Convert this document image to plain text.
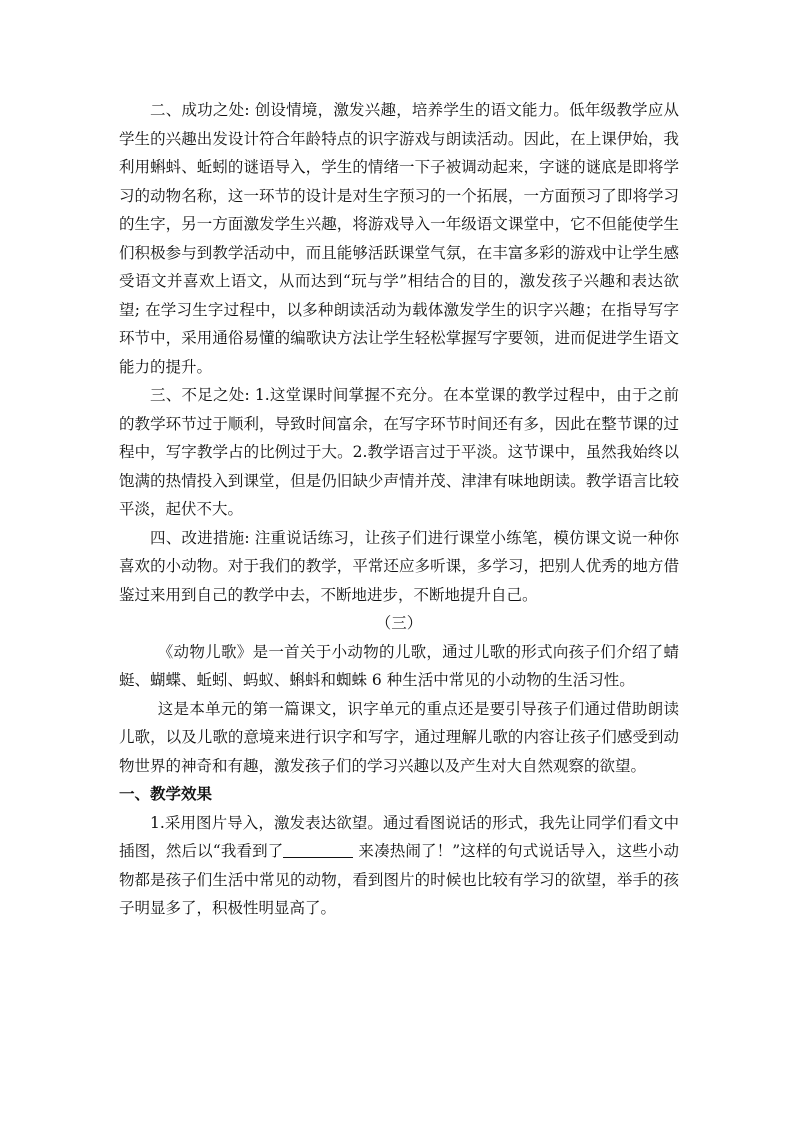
二、成功之处: 创设情境，激发兴趣，培养学生的语文能力。低年级教学应从学生的兴趣出发设计符合年龄特点的识字游戏与朗读活动。因此，在上课伊始，我利用蝌蚪、蚯蚓的谜语导入，学生的情绪一下子被调动起来，字谜的谜底是即将学习的动物名称，这一环节的设计是对生字预习的一个拓展，一方面预习了即将学习的生字，另一方面激发学生兴趣，将游戏导入一年级语文课堂中，它不但能使学生们积极参与到教学活动中，而且能够活跃课堂气氛，在丰富多彩的游戏中让学生感受语文并喜欢上语文，从而达到“玩与学”相结合的目的，激发孩子兴趣和表达欲望; 在学习生字过程中，以多种朗读活动为载体激发学生的识字兴趣；在指导写字环节中，采用通俗易懂的编歌诀方法让学生轻松掌握写字要领，进而促进学生语文能力的提升。

三、不足之处: 1.这堂课时间掌握不充分。在本堂课的教学过程中，由于之前的教学环节过于顺利，导致时间富余，在写字环节时间还有多，因此在整节课的过程中，写字教学占的比例过于大。2.教学语言过于平淡。这节课中，虽然我始终以饱满的热情投入到课堂，但是仍旧缺少声情并茂、津津有味地朗读。教学语言比较平淡，起伏不大。

四、改进措施: 注重说话练习，让孩子们进行课堂小练笔，模仿课文说一种你喜欢的小动物。对于我们的教学，平常还应多听课，多学习，把别人优秀的地方借鉴过来用到自己的教学中去，不断地进步，不断地提升自己。

（三）

《动物儿歌》是一首关于小动物的儿歌，通过儿歌的形式向孩子们介绍了蜻蜓、蝴蝶、蚯蚓、蚂蚁、蝌蚪和蜘蛛 6 种生活中常见的小动物的生活习性。

这是本单元的第一篇课文，识字单元的重点还是要引导孩子们通过借助朗读儿歌，以及儿歌的意境来进行识字和写字，通过理解儿歌的内容让孩子们感受到动物世界的神奇和有趣，激发孩子们的学习兴趣以及产生对大自然观察的欲望。

一、教学效果

1.采用图片导入，激发表达欲望。通过看图说话的形式，我先让同学们看文中插图，然后以“我看到了	来凑热闹了！”这样的句式说话导入，这些小动物都是孩子们生活中常见的动物，看到图片的时候也比较有学习的欲望，举手的孩子明显多了，积极性明显高了。
